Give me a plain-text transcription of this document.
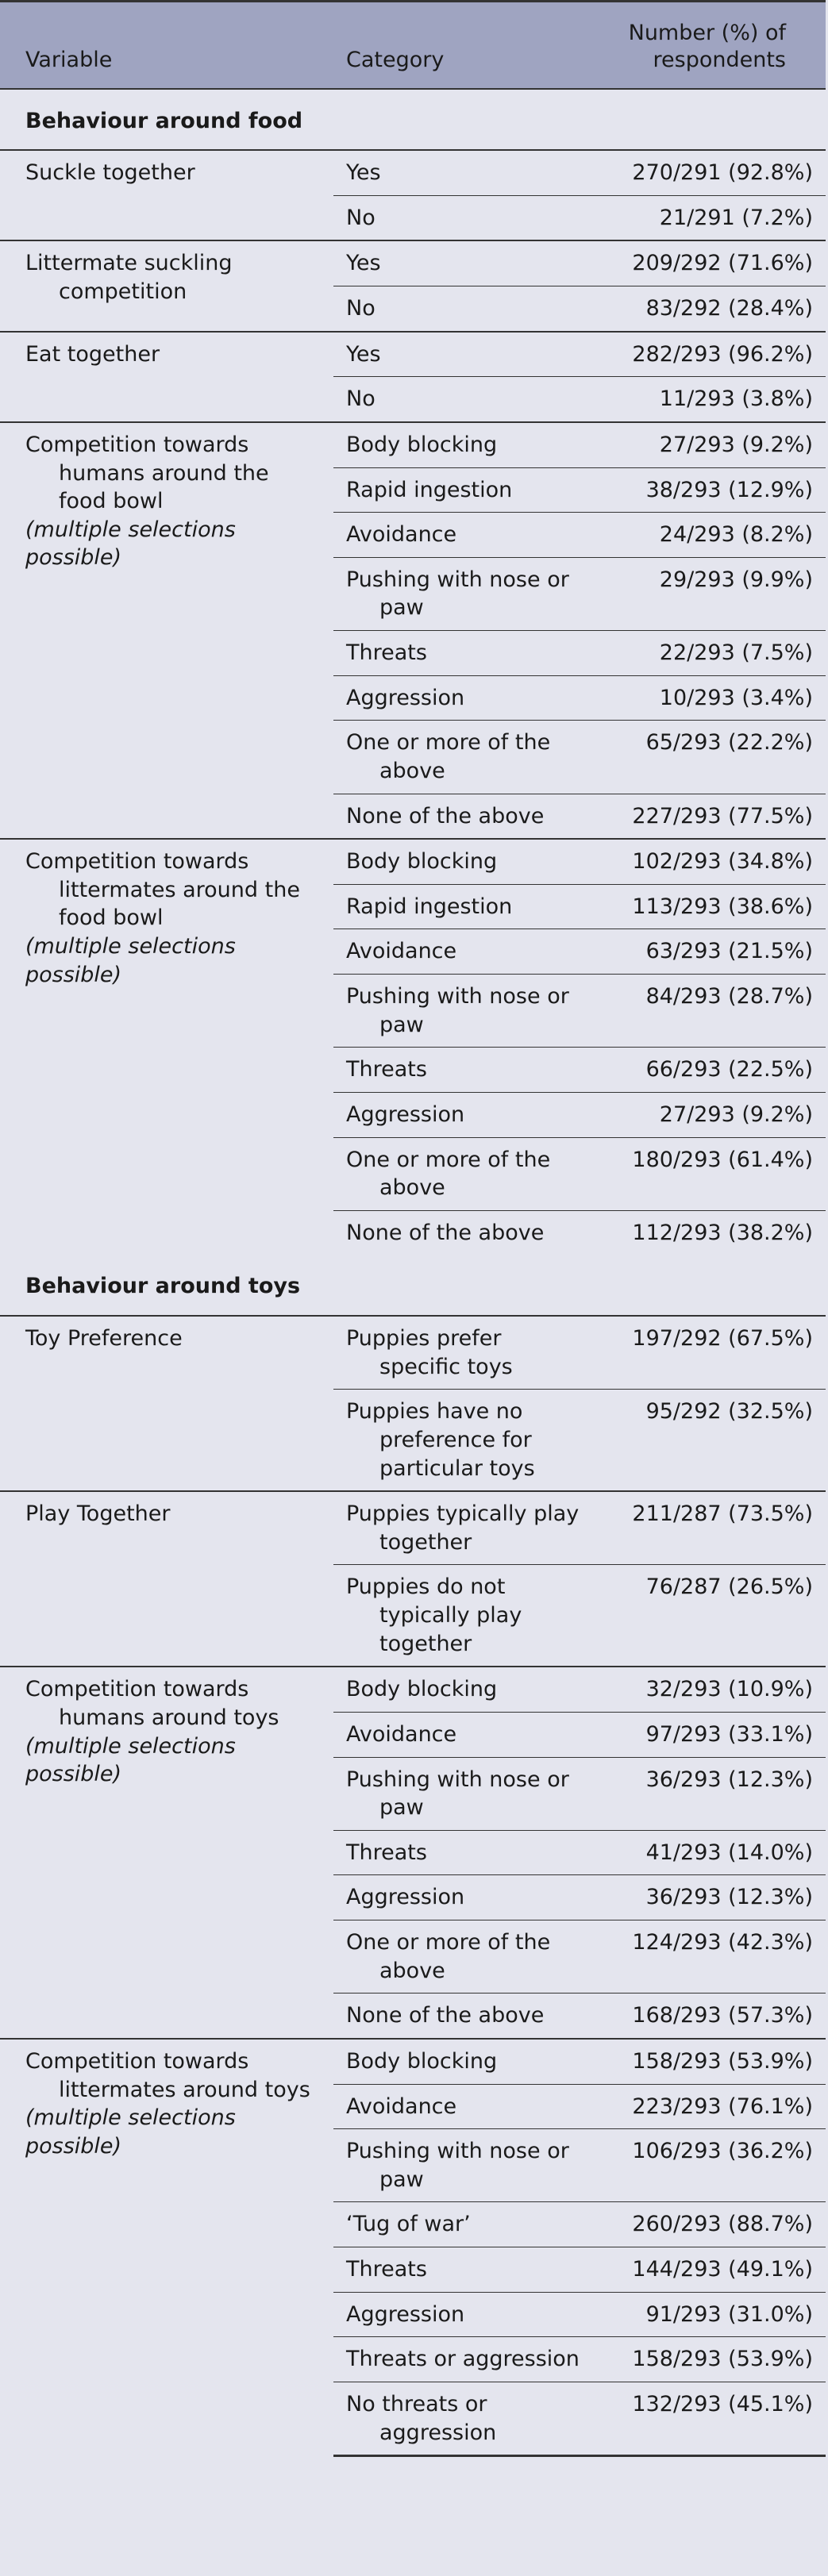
Variable	Category	Number (%) of
respondents
Behaviour around food		

Suckle together	Yes	270/291 (92.8%)

	No	21/291 (7.2%)

Littermate suckling competition	Yes	209/292 (71.6%)

	No	83/292 (28.4%)

Eat together	Yes	282/293 (96.2%)

	No	11/293 (3.8%)

Competition towards humans around the food bowl
(multiple selections possible)	Body blocking	27/293 (9.2%)

	Rapid ingestion	38/293 (12.9%)

	Avoidance	24/293 (8.2%)

	Pushing with nose or paw	29/293 (9.9%)

	Threats	22/293 (7.5%)

	Aggression	10/293 (3.4%)

	One or more of the above	65/293 (22.2%)

	None of the above	227/293 (77.5%)

Competition towards littermates around the food bowl
(multiple selections possible)	Body blocking	102/293 (34.8%)

	Rapid ingestion	113/293 (38.6%)

	Avoidance	63/293 (21.5%)

	Pushing with nose or paw	84/293 (28.7%)

	Threats	66/293 (22.5%)

	Aggression	27/293 (9.2%)

	One or more of the above	180/293 (61.4%)

	None of the above	112/293 (38.2%)
Behaviour around toys		

Toy Preference	Puppies prefer specific toys	197/292 (67.5%)

	Puppies have no preference for particular toys	95/292 (32.5%)

Play Together	Puppies typically play together	211/287 (73.5%)

	Puppies do not typically play together	76/287 (26.5%)

Competition towards humans around toys
(multiple selections possible)	Body blocking	32/293 (10.9%)

	Avoidance	97/293 (33.1%)

	Pushing with nose or paw	36/293 (12.3%)

	Threats	41/293 (14.0%)

	Aggression	36/293 (12.3%)

	One or more of the above	124/293 (42.3%)

	None of the above	168/293 (57.3%)

Competition towards littermates around toys
(multiple selections possible)	Body blocking	158/293 (53.9%)

	Avoidance	223/293 (76.1%)

	Pushing with nose or paw	106/293 (36.2%)

	‘Tug of war’	260/293 (88.7%)

	Threats	144/293 (49.1%)

	Aggression	91/293 (31.0%)

	Threats or aggression	158/293 (53.9%)

	No threats or aggression	132/293 (45.1%)
